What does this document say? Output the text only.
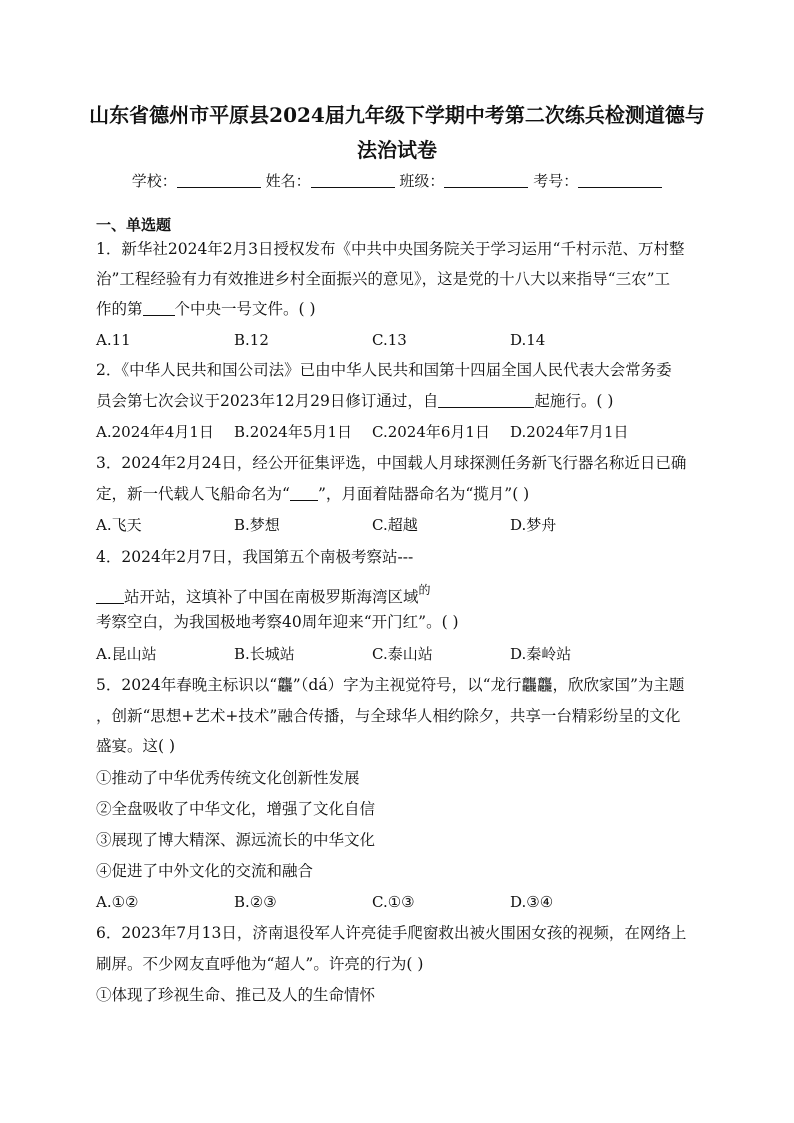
山东省德州市平原县2024届九年级下学期中考第二次练兵检测道德与
法治试卷
学校：	姓名：	班级：	考号：
一、单选题
1．新华社2024年2月3日授权发布《中共中央国务院关于学习运用“千村示范、万村整
治”工程经验有力有效推进乡村全面振兴的意见》，这是党的十八大以来指导“三农”工
作的第 个中央一号文件。( )
A.11	B.12	C.13	D.14
2．《中华人民共和国公司法》已由中华人民共和国第十四届全国人民代表大会常务委
员会第七次会议于2023年12月29日修订通过，自	起施行。( )
A.2024年4月1日 B.2024年5月1日 C.2024年6月1日 D.2024年7月1日
3．2024年2月24日，经公开征集评选，中国载人月球探测任务新飞行器名称近日已确
定，新一代载人飞船命名为“ ”，月面着陆器命名为“揽月”( )
A.飞天	B.梦想	C.超越	D.梦舟
4．2024年2月7日，我国第五个南极考察站---
站开站，这填补了中国在南极罗斯海湾区域$^的$
考察空白，为我国极地考察40周年迎来“开门红”。( )
A.昆山站	B.长城站	C.泰山站	D.秦岭站
5．2024年春晚主标识以“龘”（dá）字为主视觉符号，以“龙行龘龘，欣欣家国”为主题
，创新“思想+艺术+技术”融合传播，与全球华人相约除夕，共享一台精彩纷呈的文化
盛宴。这( )
①推动了中华优秀传统文化创新性发展
②全盘吸收了中华文化，增强了文化自信
③展现了博大精深、源远流长的中华文化
④促进了中外文化的交流和融合
A.①②	B.②③	C.①③	D.③④
6．2023年7月13日，济南退役军人许亮徒手爬窗救出被火围困女孩的视频，在网络上
刷屏。不少网友直呼他为“超人”。许亮的行为( )
①体现了珍视生命、推己及人的生命情怀
